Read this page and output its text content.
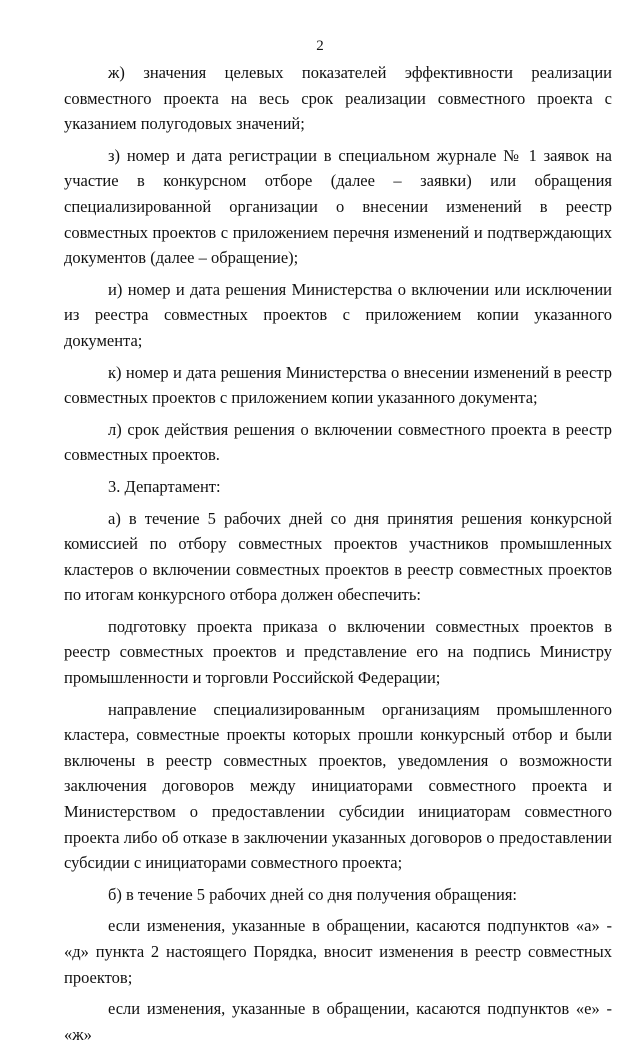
2

ж) значения целевых показателей эффективности реализации совместного проекта на весь срок реализации совместного проекта с указанием полугодовых значений;

з) номер и дата регистрации в специальном журнале № 1 заявок на участие в конкурсном отборе (далее – заявки) или обращения специализированной организации о внесении изменений в реестр совместных проектов с приложением перечня изменений и подтверждающих документов (далее – обращение);

и) номер и дата решения Министерства о включении или исключении из реестра совместных проектов с приложением копии указанного документа;

к) номер и дата решения Министерства о внесении изменений в реестр совместных проектов с приложением копии указанного документа;

л) срок действия решения о включении совместного проекта в реестр совместных проектов.

3. Департамент:

а) в течение 5 рабочих дней со дня принятия решения конкурсной комиссией по отбору совместных проектов участников промышленных кластеров о включении совместных проектов в реестр совместных проектов по итогам конкурсного отбора должен обеспечить:

подготовку проекта приказа о включении совместных проектов в реестр совместных проектов и представление его на подпись Министру промышленности и торговли Российской Федерации;

направление специализированным организациям промышленного кластера, совместные проекты которых прошли конкурсный отбор и были включены в реестр совместных проектов, уведомления о возможности заключения договоров между инициаторами совместного проекта и Министерством о предоставлении субсидии инициаторам совместного проекта либо об отказе в заключении указанных договоров о предоставлении субсидии с инициаторами совместного проекта;

б) в течение 5 рабочих дней со дня получения обращения:

если изменения, указанные в обращении, касаются подпунктов «а» - «д» пункта 2 настоящего Порядка, вносит изменения в реестр совместных проектов;

если изменения, указанные в обращении, касаются подпунктов «е» - «ж»
